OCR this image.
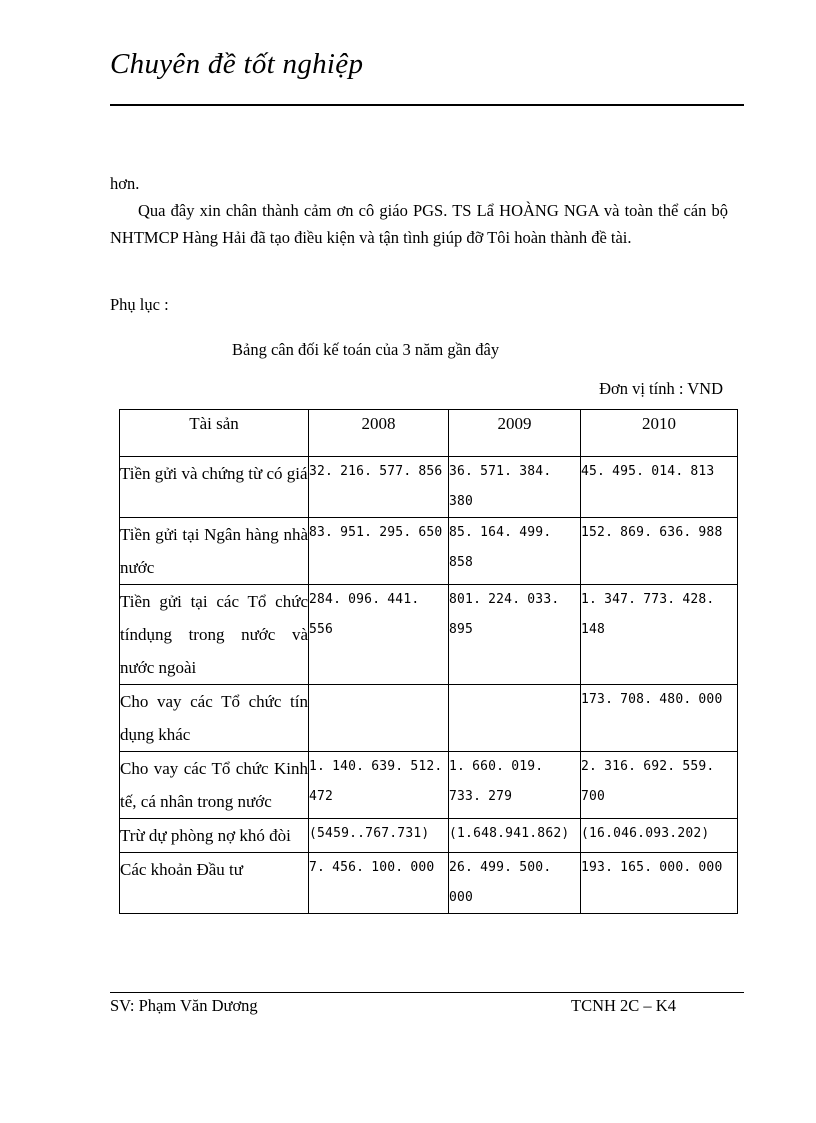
Chuyên đề tốt nghiệp
hơn.
Qua đây xin chân thành cảm ơn cô giáo PGS. TS Lẩ HOÀNG NGA và toàn thể cán bộ NHTMCP Hàng Hải đã tạo điều kiện và tận tình giúp đỡ Tôi hoàn thành đề tài.
Phụ lục :
Bảng cân đối kế toán của 3 năm gần đây
Đơn vị tính : VND
Tài sản	2008	2009	2010
Tiền gửi và chứng từ có giá	32. 216. 577. 856	36. 571. 384. 380	45. 495. 014. 813
Tiền gửi tại Ngân hàng nhà nước	83. 951. 295. 650	85. 164. 499. 858	152. 869. 636. 988
Tiền gửi tại các Tổ chức tíndụng trong nước và nước ngoài	284. 096. 441. 556	801. 224. 033. 895	1. 347. 773. 428. 148
Cho vay các Tổ chức tín dụng khác			173. 708. 480. 000
Cho vay các Tổ chức Kinh tế, cá nhân trong nước	1. 140. 639. 512. 472	1. 660. 019. 733. 279	2. 316. 692. 559. 700
Trừ dự phòng nợ khó đòi	(5459..767.731)	(1.648.941.862)	(16.046.093.202)
Các khoản Đầu tư	7. 456. 100. 000	26. 499. 500. 000	193. 165. 000. 000
SV: Phạm Văn Dương	TCNH 2C – K4
